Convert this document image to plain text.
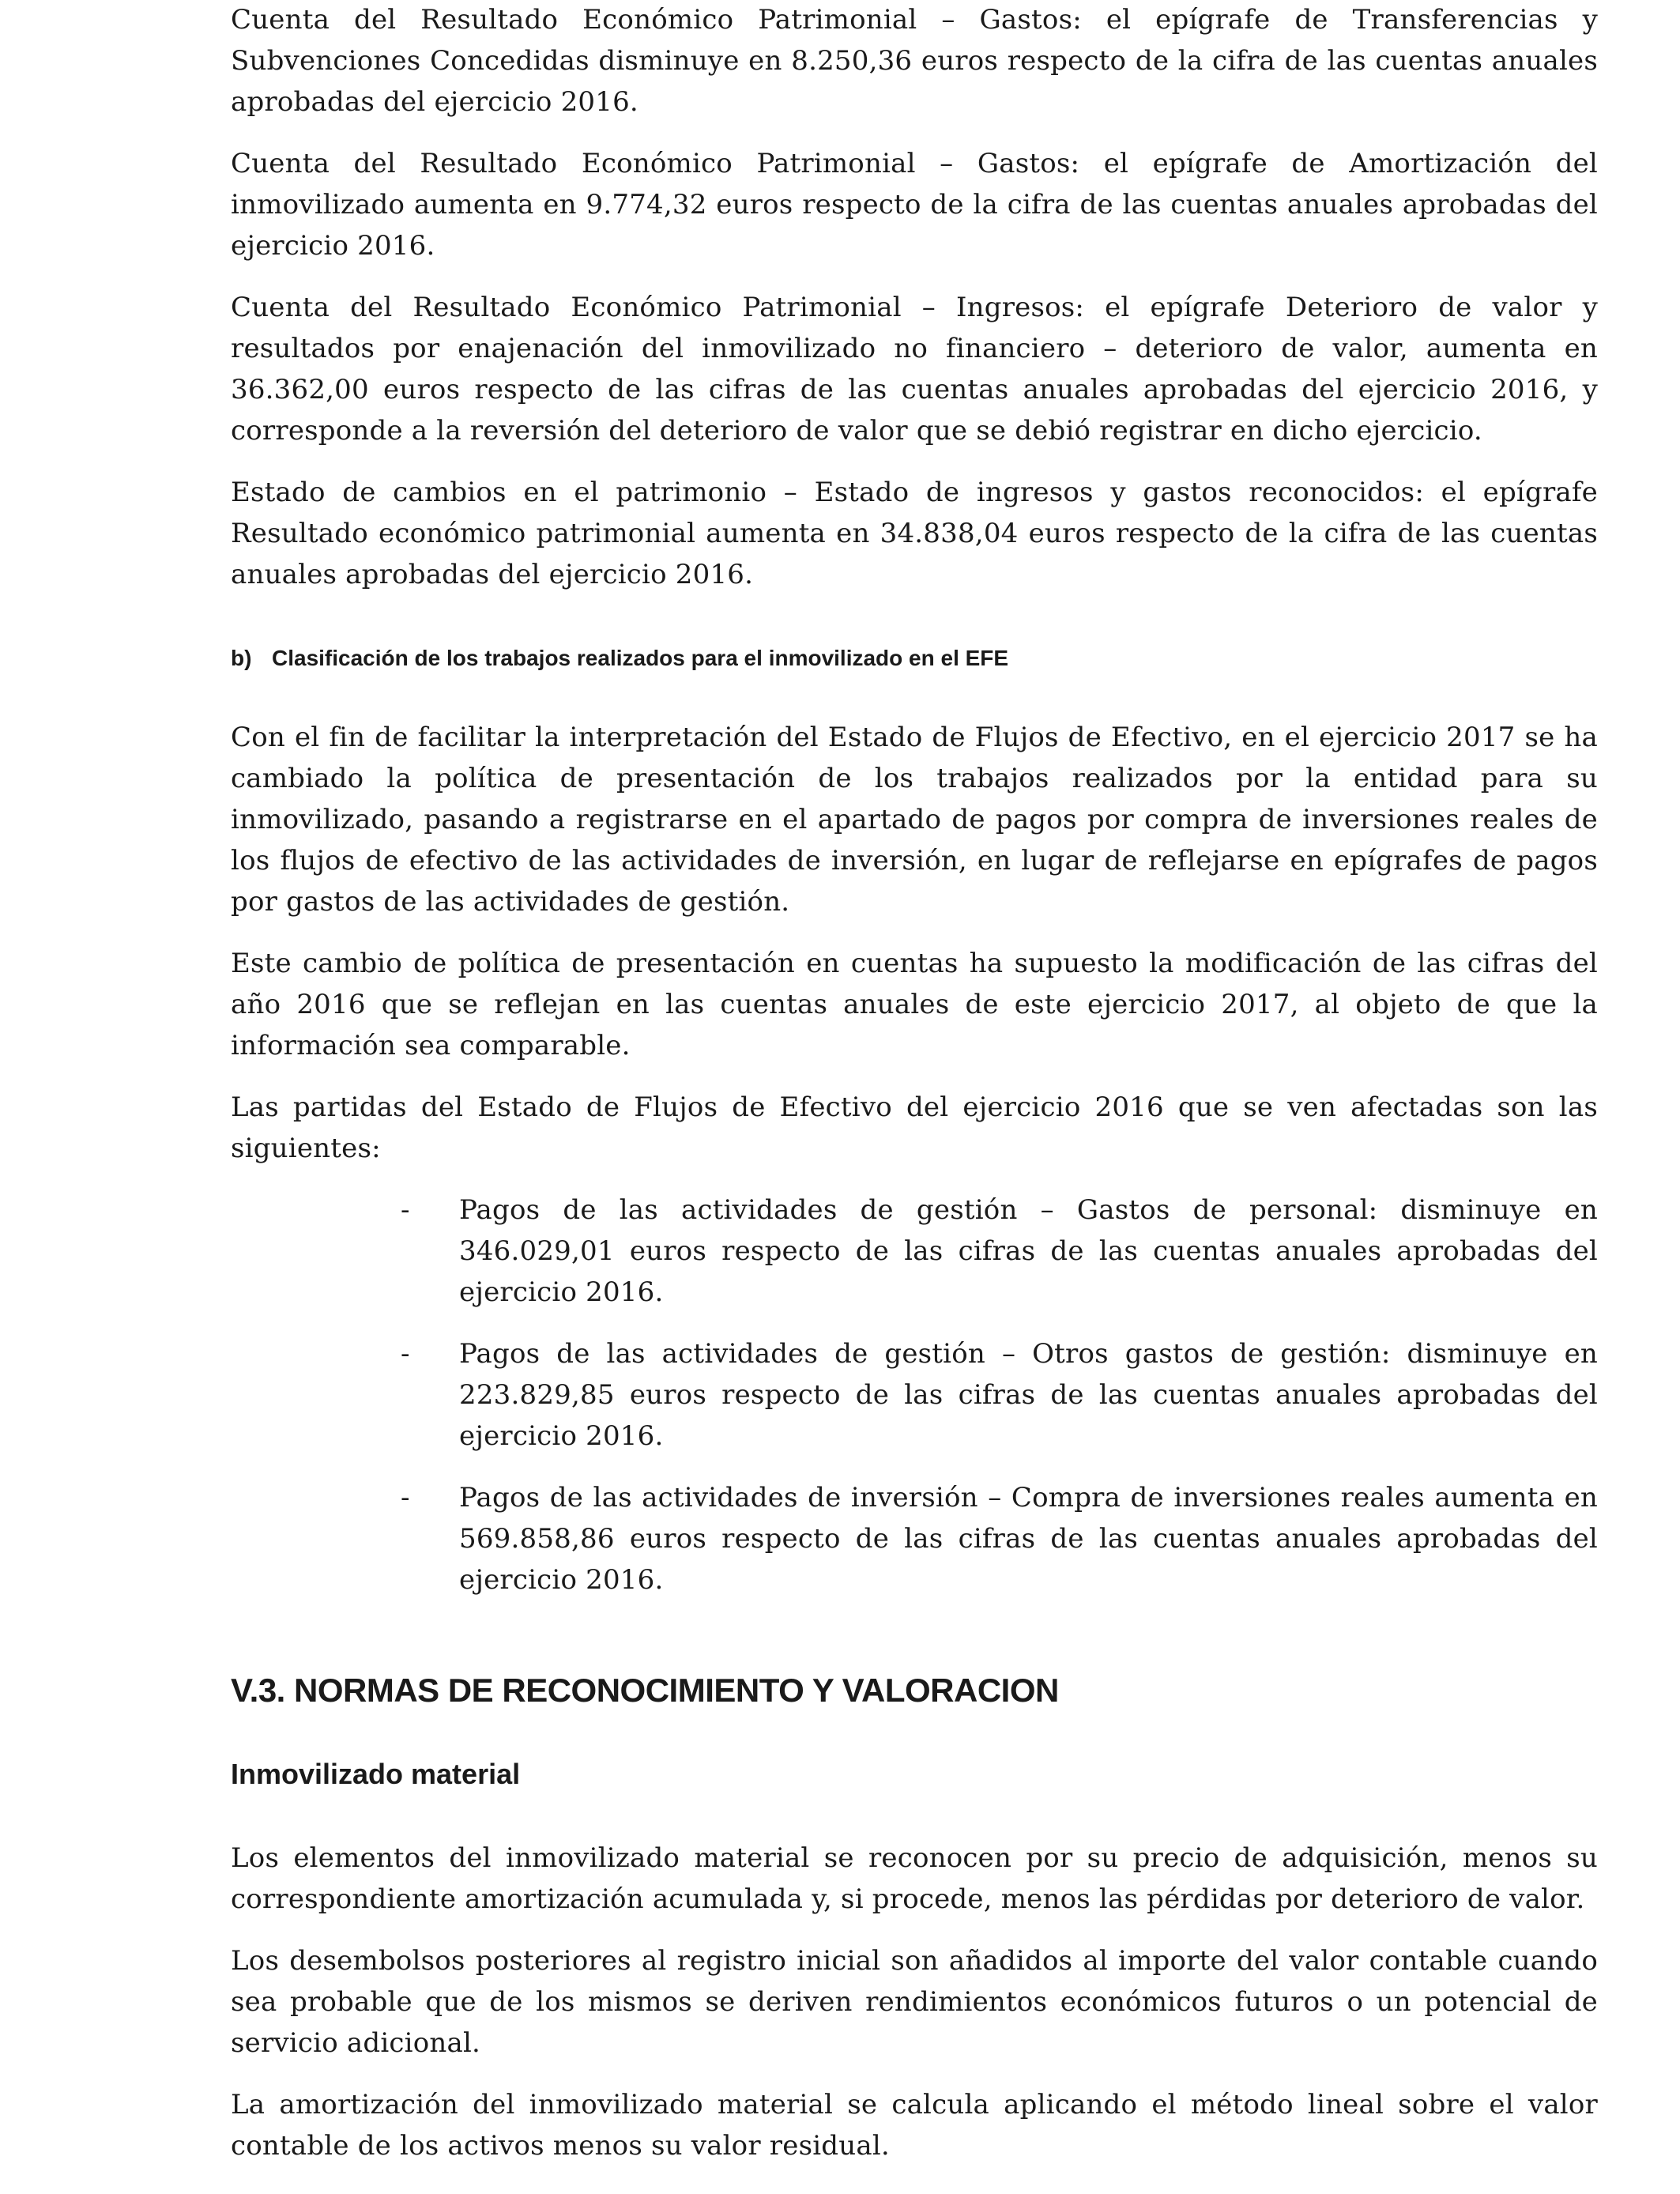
Cuenta del Resultado Económico Patrimonial – Gastos: el epígrafe de Transferencias y Subvenciones Concedidas disminuye en 8.250,36 euros respecto de la cifra de las cuentas anuales aprobadas del ejercicio 2016.

Cuenta del Resultado Económico Patrimonial – Gastos: el epígrafe de Amortización del inmovilizado aumenta en 9.774,32 euros respecto de la cifra de las cuentas anuales aprobadas del ejercicio 2016.

Cuenta del Resultado Económico Patrimonial – Ingresos: el epígrafe Deterioro de valor y resultados por enajenación del inmovilizado no financiero – deterioro de valor, aumenta en 36.362,00 euros respecto de las cifras de las cuentas anuales aprobadas del ejercicio 2016, y corresponde a la reversión del deterioro de valor que se debió registrar en dicho ejercicio.

Estado de cambios en el patrimonio – Estado de ingresos y gastos reconocidos: el epígrafe Resultado económico patrimonial aumenta en 34.838,04 euros respecto de la cifra de las cuentas anuales aprobadas del ejercicio 2016.

b) Clasificación de los trabajos realizados para el inmovilizado en el EFE

Con el fin de facilitar la interpretación del Estado de Flujos de Efectivo, en el ejercicio 2017 se ha cambiado la política de presentación de los trabajos realizados por la entidad para su inmovilizado, pasando a registrarse en el apartado de pagos por compra de inversiones reales de los flujos de efectivo de las actividades de inversión, en lugar de reflejarse en epígrafes de pagos por gastos de las actividades de gestión.

Este cambio de política de presentación en cuentas ha supuesto la modificación de las cifras del año 2016 que se reflejan en las cuentas anuales de este ejercicio 2017, al objeto de que la información sea comparable.

Las partidas del Estado de Flujos de Efectivo del ejercicio 2016 que se ven afectadas son las siguientes:

-	Pagos de las actividades de gestión – Gastos de personal: disminuye en 346.029,01 euros respecto de las cifras de las cuentas anuales aprobadas del ejercicio 2016.

-	Pagos de las actividades de gestión – Otros gastos de gestión: disminuye en 223.829,85 euros respecto de las cifras de las cuentas anuales aprobadas del ejercicio 2016.

-	Pagos de las actividades de inversión – Compra de inversiones reales aumenta en 569.858,86 euros respecto de las cifras de las cuentas anuales aprobadas del ejercicio 2016.

V.3. NORMAS DE RECONOCIMIENTO Y VALORACION
Inmovilizado material

Los elementos del inmovilizado material se reconocen por su precio de adquisición, menos su correspondiente amortización acumulada y, si procede, menos las pérdidas por deterioro de valor.

Los desembolsos posteriores al registro inicial son añadidos al importe del valor contable cuando sea probable que de los mismos se deriven rendimientos económicos futuros o un potencial de servicio adicional.

La amortización del inmovilizado material se calcula aplicando el método lineal sobre el valor contable de los activos menos su valor residual.
